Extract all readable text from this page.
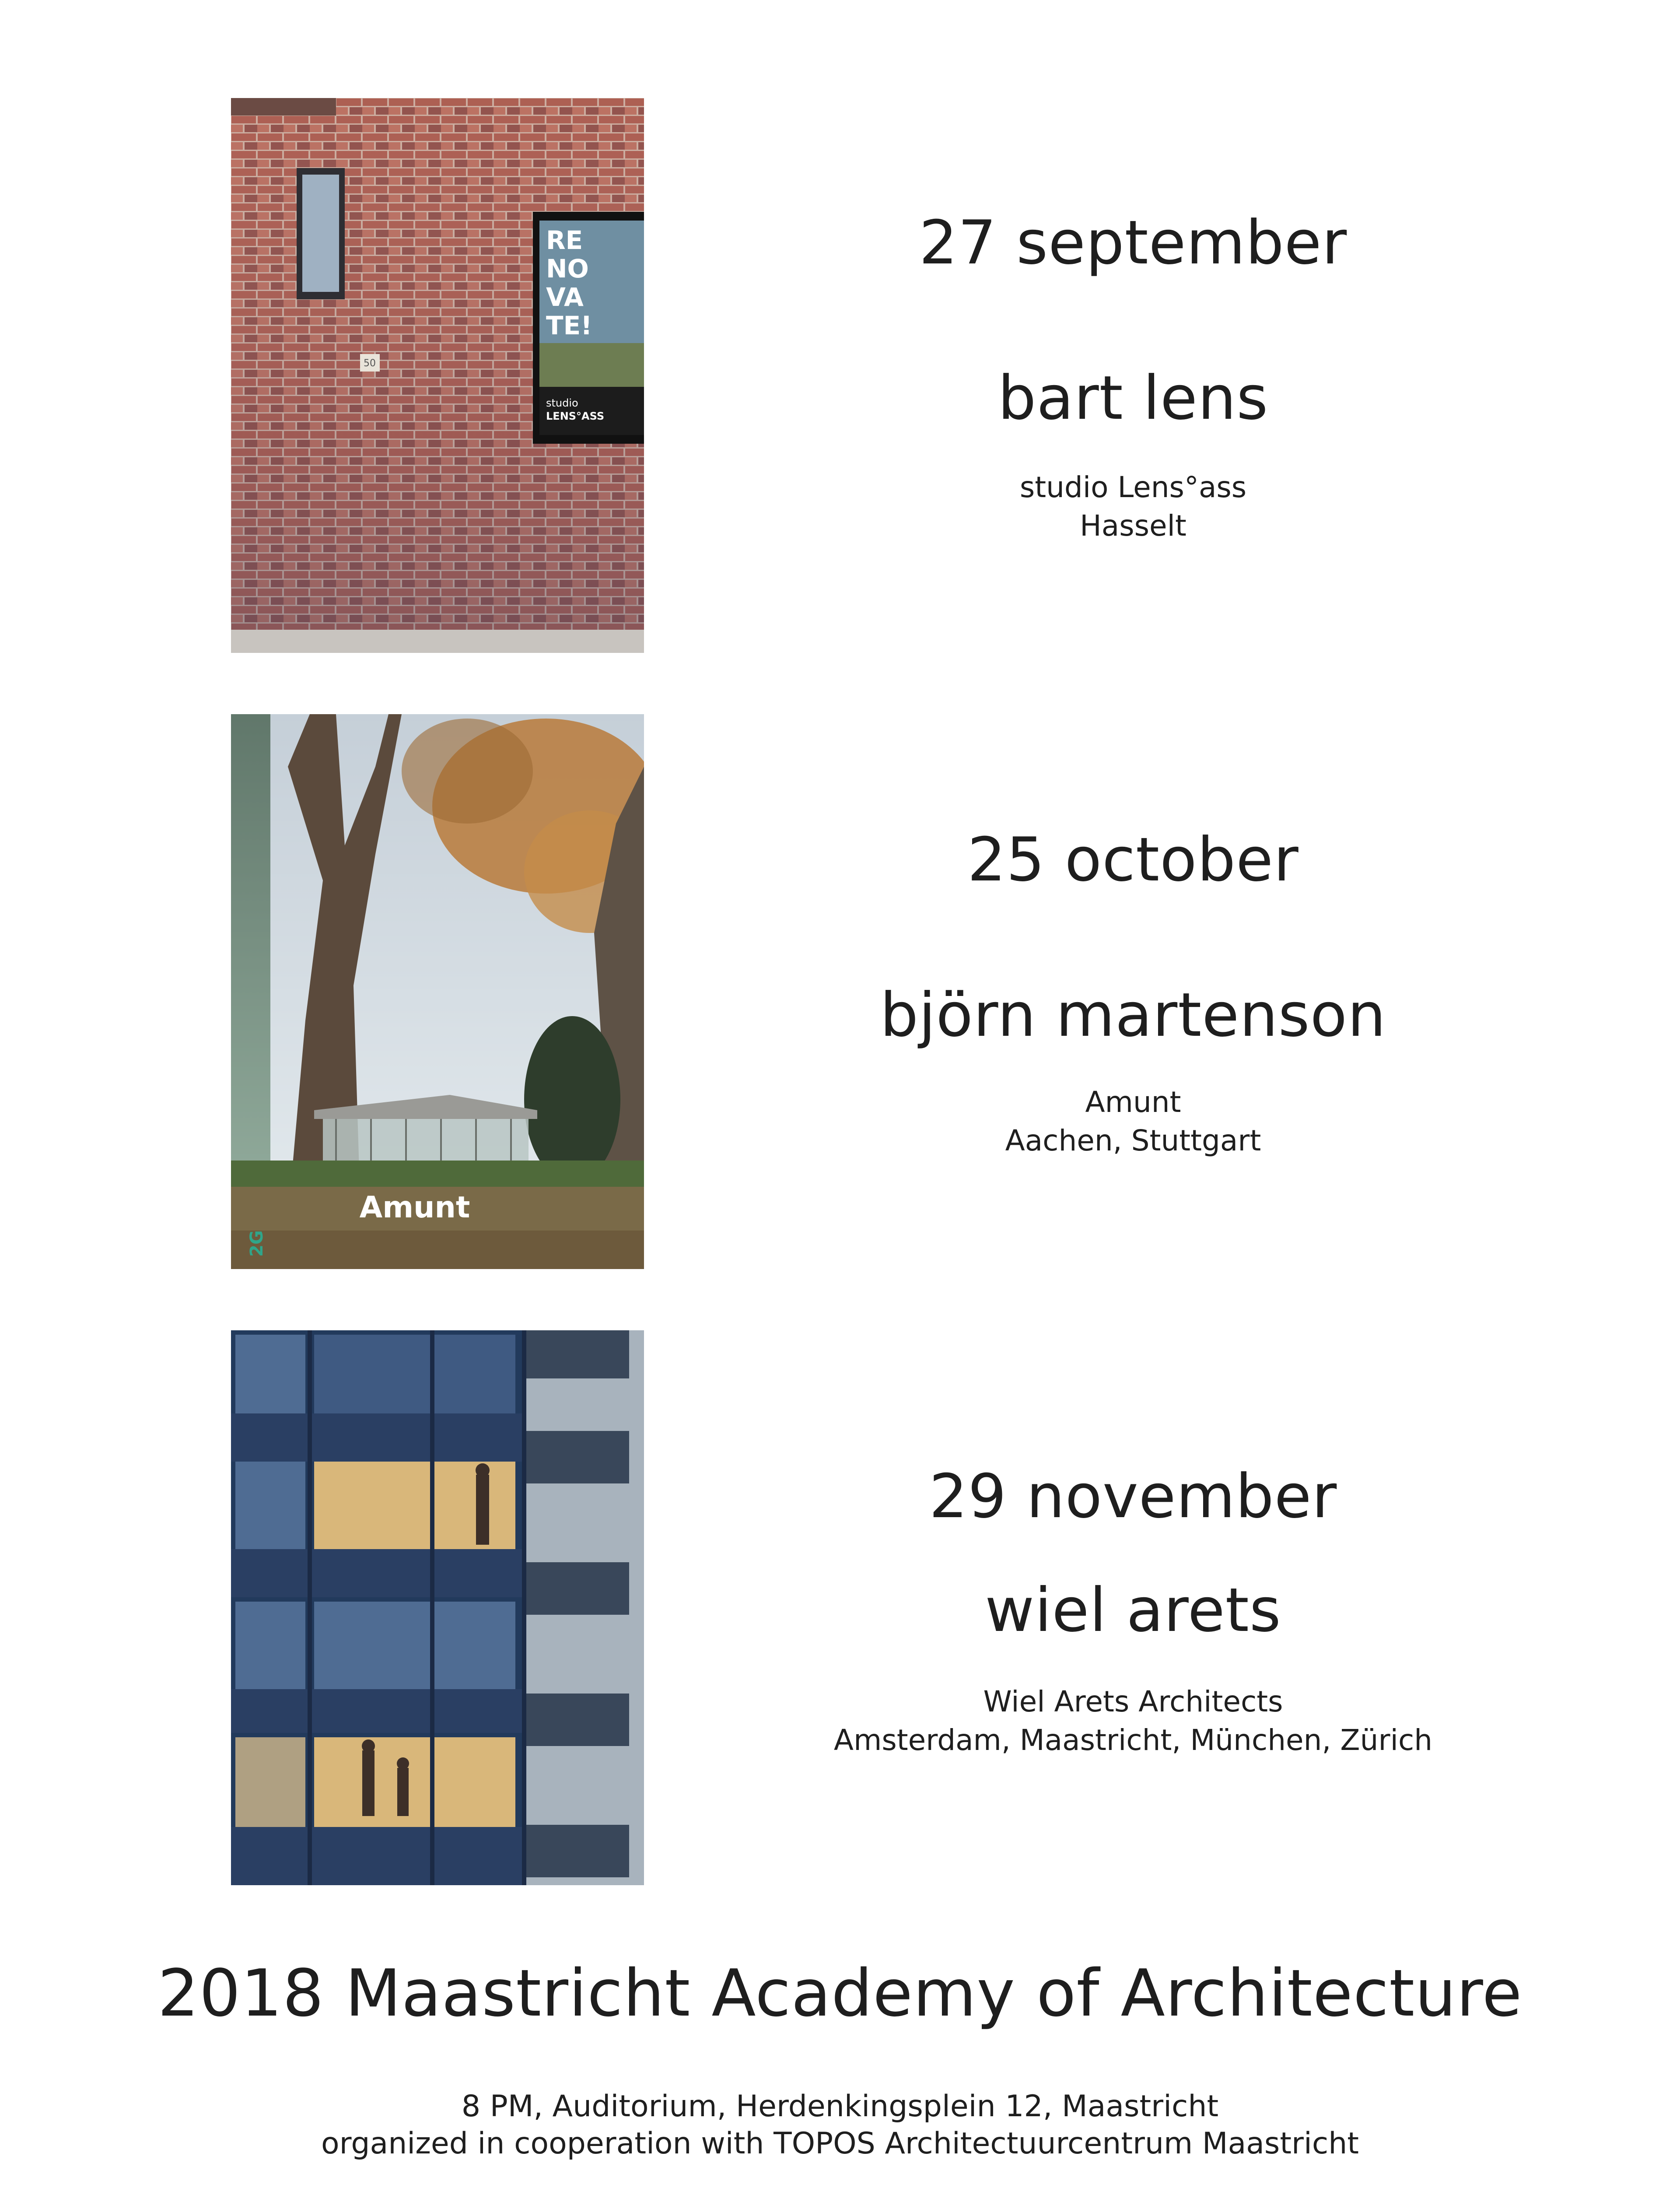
50
RE
NO
VA
TE!
studio
LENS°ASS
Amunt
2G
27 september
bart lens
studio Lens°ass
Hasselt
25 october
björn martenson
Amunt
Aachen, Stuttgart
29 november
wiel arets
Wiel Arets Architects
Amsterdam, Maastricht, München, Zürich
2018 Maastricht Academy of Architecture
8 PM, Auditorium, Herdenkingsplein 12, Maastricht
organized in cooperation with TOPOS Architectuurcentrum Maastricht
